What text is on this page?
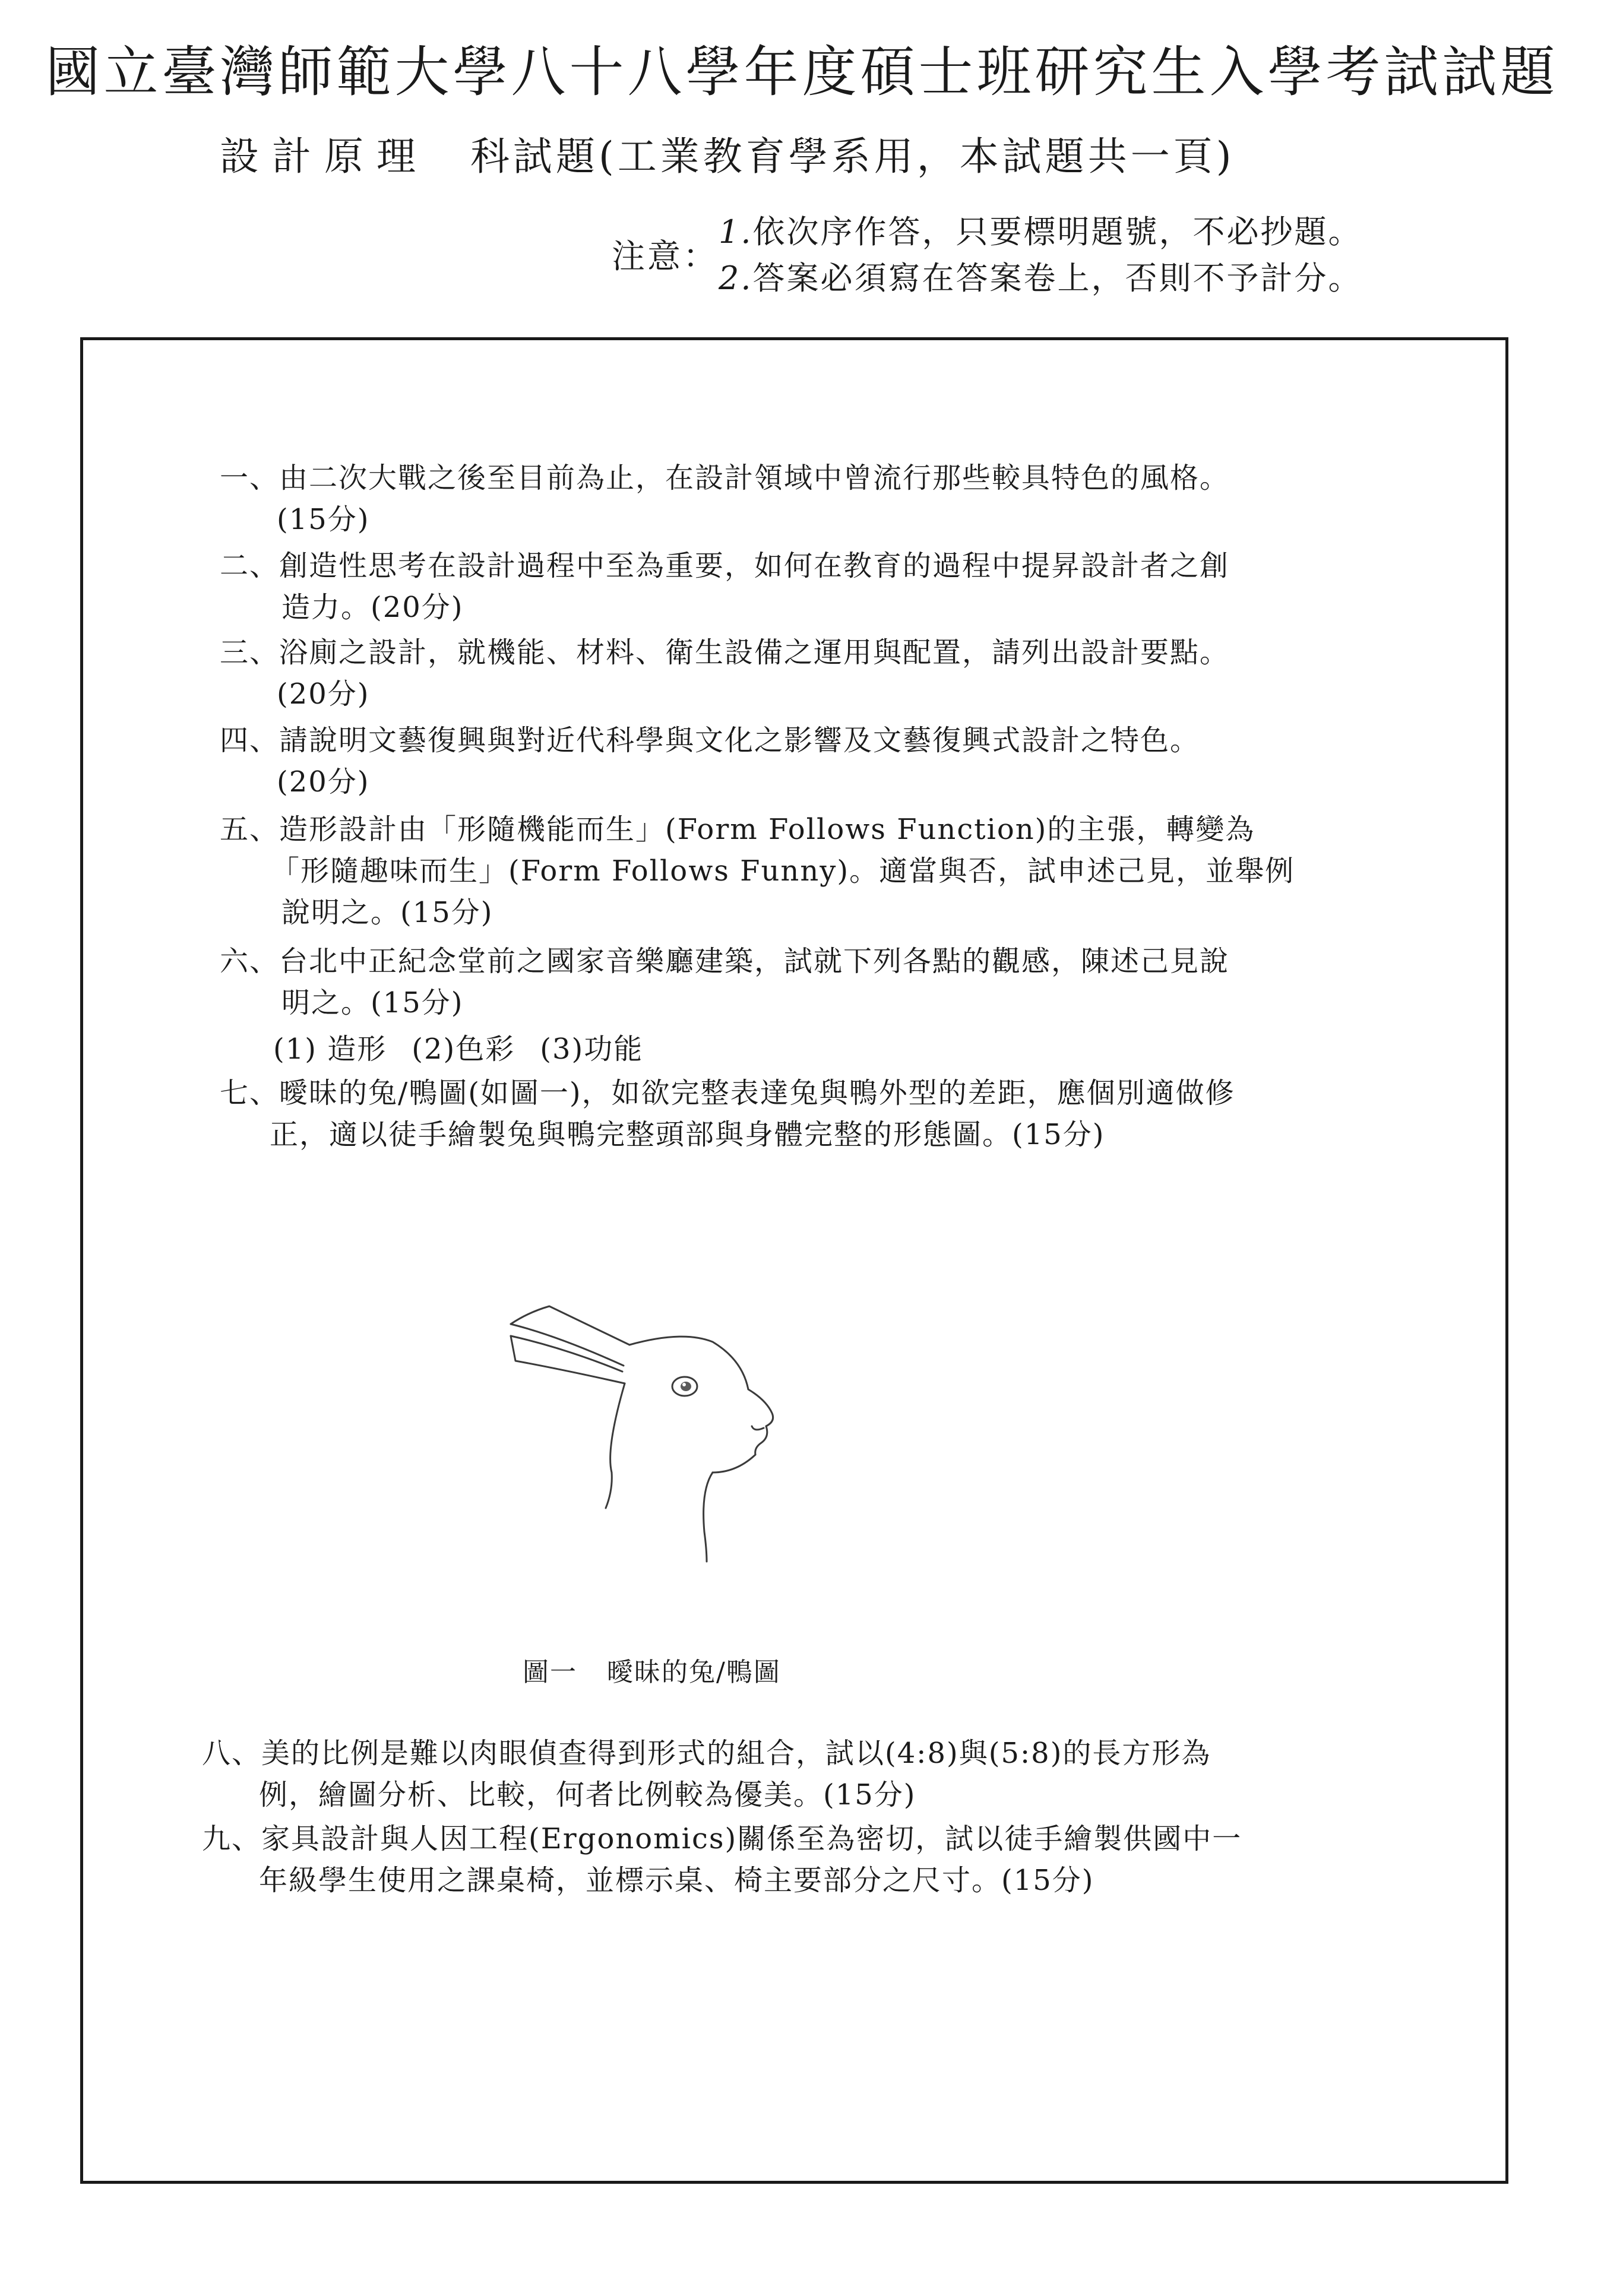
國立臺灣師範大學八十八學年度碩士班研究生入學考試試題
設計原理 科試題(工業教育學系用，本試題共一頁)
注意：
1.依次序作答，只要標明題號，不必抄題。
2.答案必須寫在答案卷上，否則不予計分。
一、由二次大戰之後至目前為止，在設計領域中曾流行那些較具特色的風格。
(15分)
二、創造性思考在設計過程中至為重要，如何在教育的過程中提昇設計者之創
造力。(20分)
三、浴廁之設計，就機能、材料、衛生設備之運用與配置，請列出設計要點。
(20分)
四、請說明文藝復興與對近代科學與文化之影響及文藝復興式設計之特色。
(20分)
五、造形設計由「形隨機能而生」(Form Follows Function)的主張，轉變為
「形隨趣味而生」(Form Follows Funny)。適當與否，試申述己見，並舉例
說明之。(15分)
六、台北中正紀念堂前之國家音樂廳建築，試就下列各點的觀感，陳述己見說
明之。(15分)
(1) 造形 (2)色彩 (3)功能
七、曖昧的兔/鴨圖(如圖一)，如欲完整表達兔與鴨外型的差距，應個別適做修
正，適以徒手繪製兔與鴨完整頭部與身體完整的形態圖。(15分)
圖一 曖昧的兔/鴨圖
八、美的比例是難以肉眼偵查得到形式的組合，試以(4:8)與(5:8)的長方形為
例，繪圖分析、比較，何者比例較為優美。(15分)
九、家具設計與人因工程(Ergonomics)關係至為密切，試以徒手繪製供國中一
年級學生使用之課桌椅，並標示桌、椅主要部分之尺寸。(15分)
